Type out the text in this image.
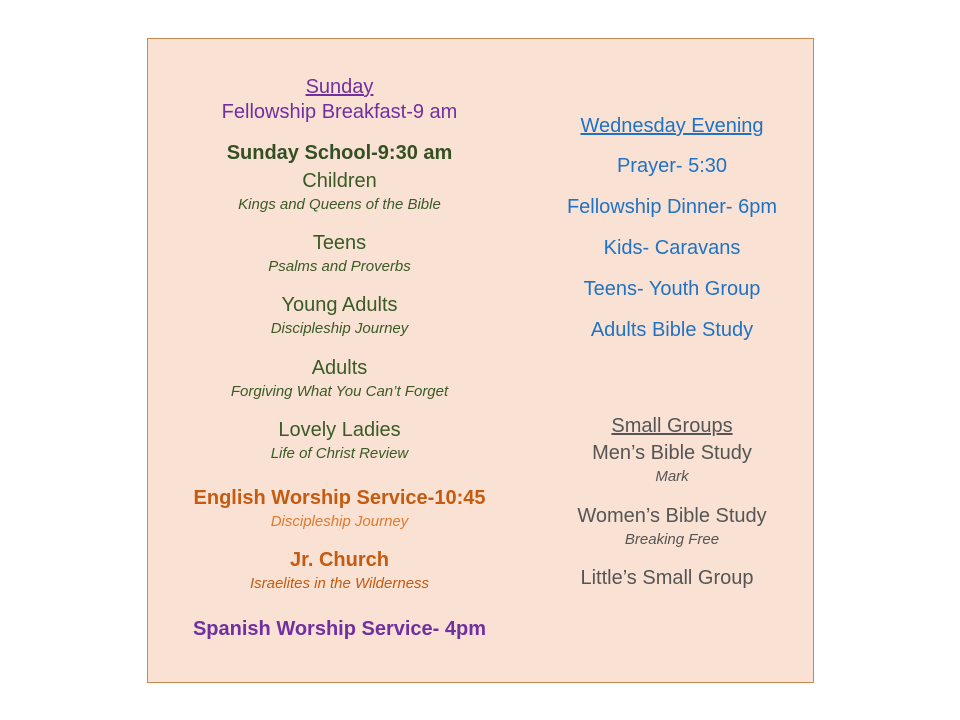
Sunday
Fellowship Breakfast-9 am
Sunday School-9:30 am
Children
Kings and Queens of the Bible
Teens
Psalms and Proverbs
Young Adults
Discipleship Journey
Adults
Forgiving What You Can’t Forget
Lovely Ladies
Life of Christ Review
English Worship Service-10:45
Discipleship Journey
Jr. Church
Israelites in the Wilderness
Spanish Worship Service- 4pm
Wednesday Evening
Prayer- 5:30
Fellowship Dinner- 6pm
Kids- Caravans
Teens- Youth Group
Adults Bible Study
Small Groups
Men’s Bible Study
Mark
Women’s Bible Study
Breaking Free
Little’s Small Group
